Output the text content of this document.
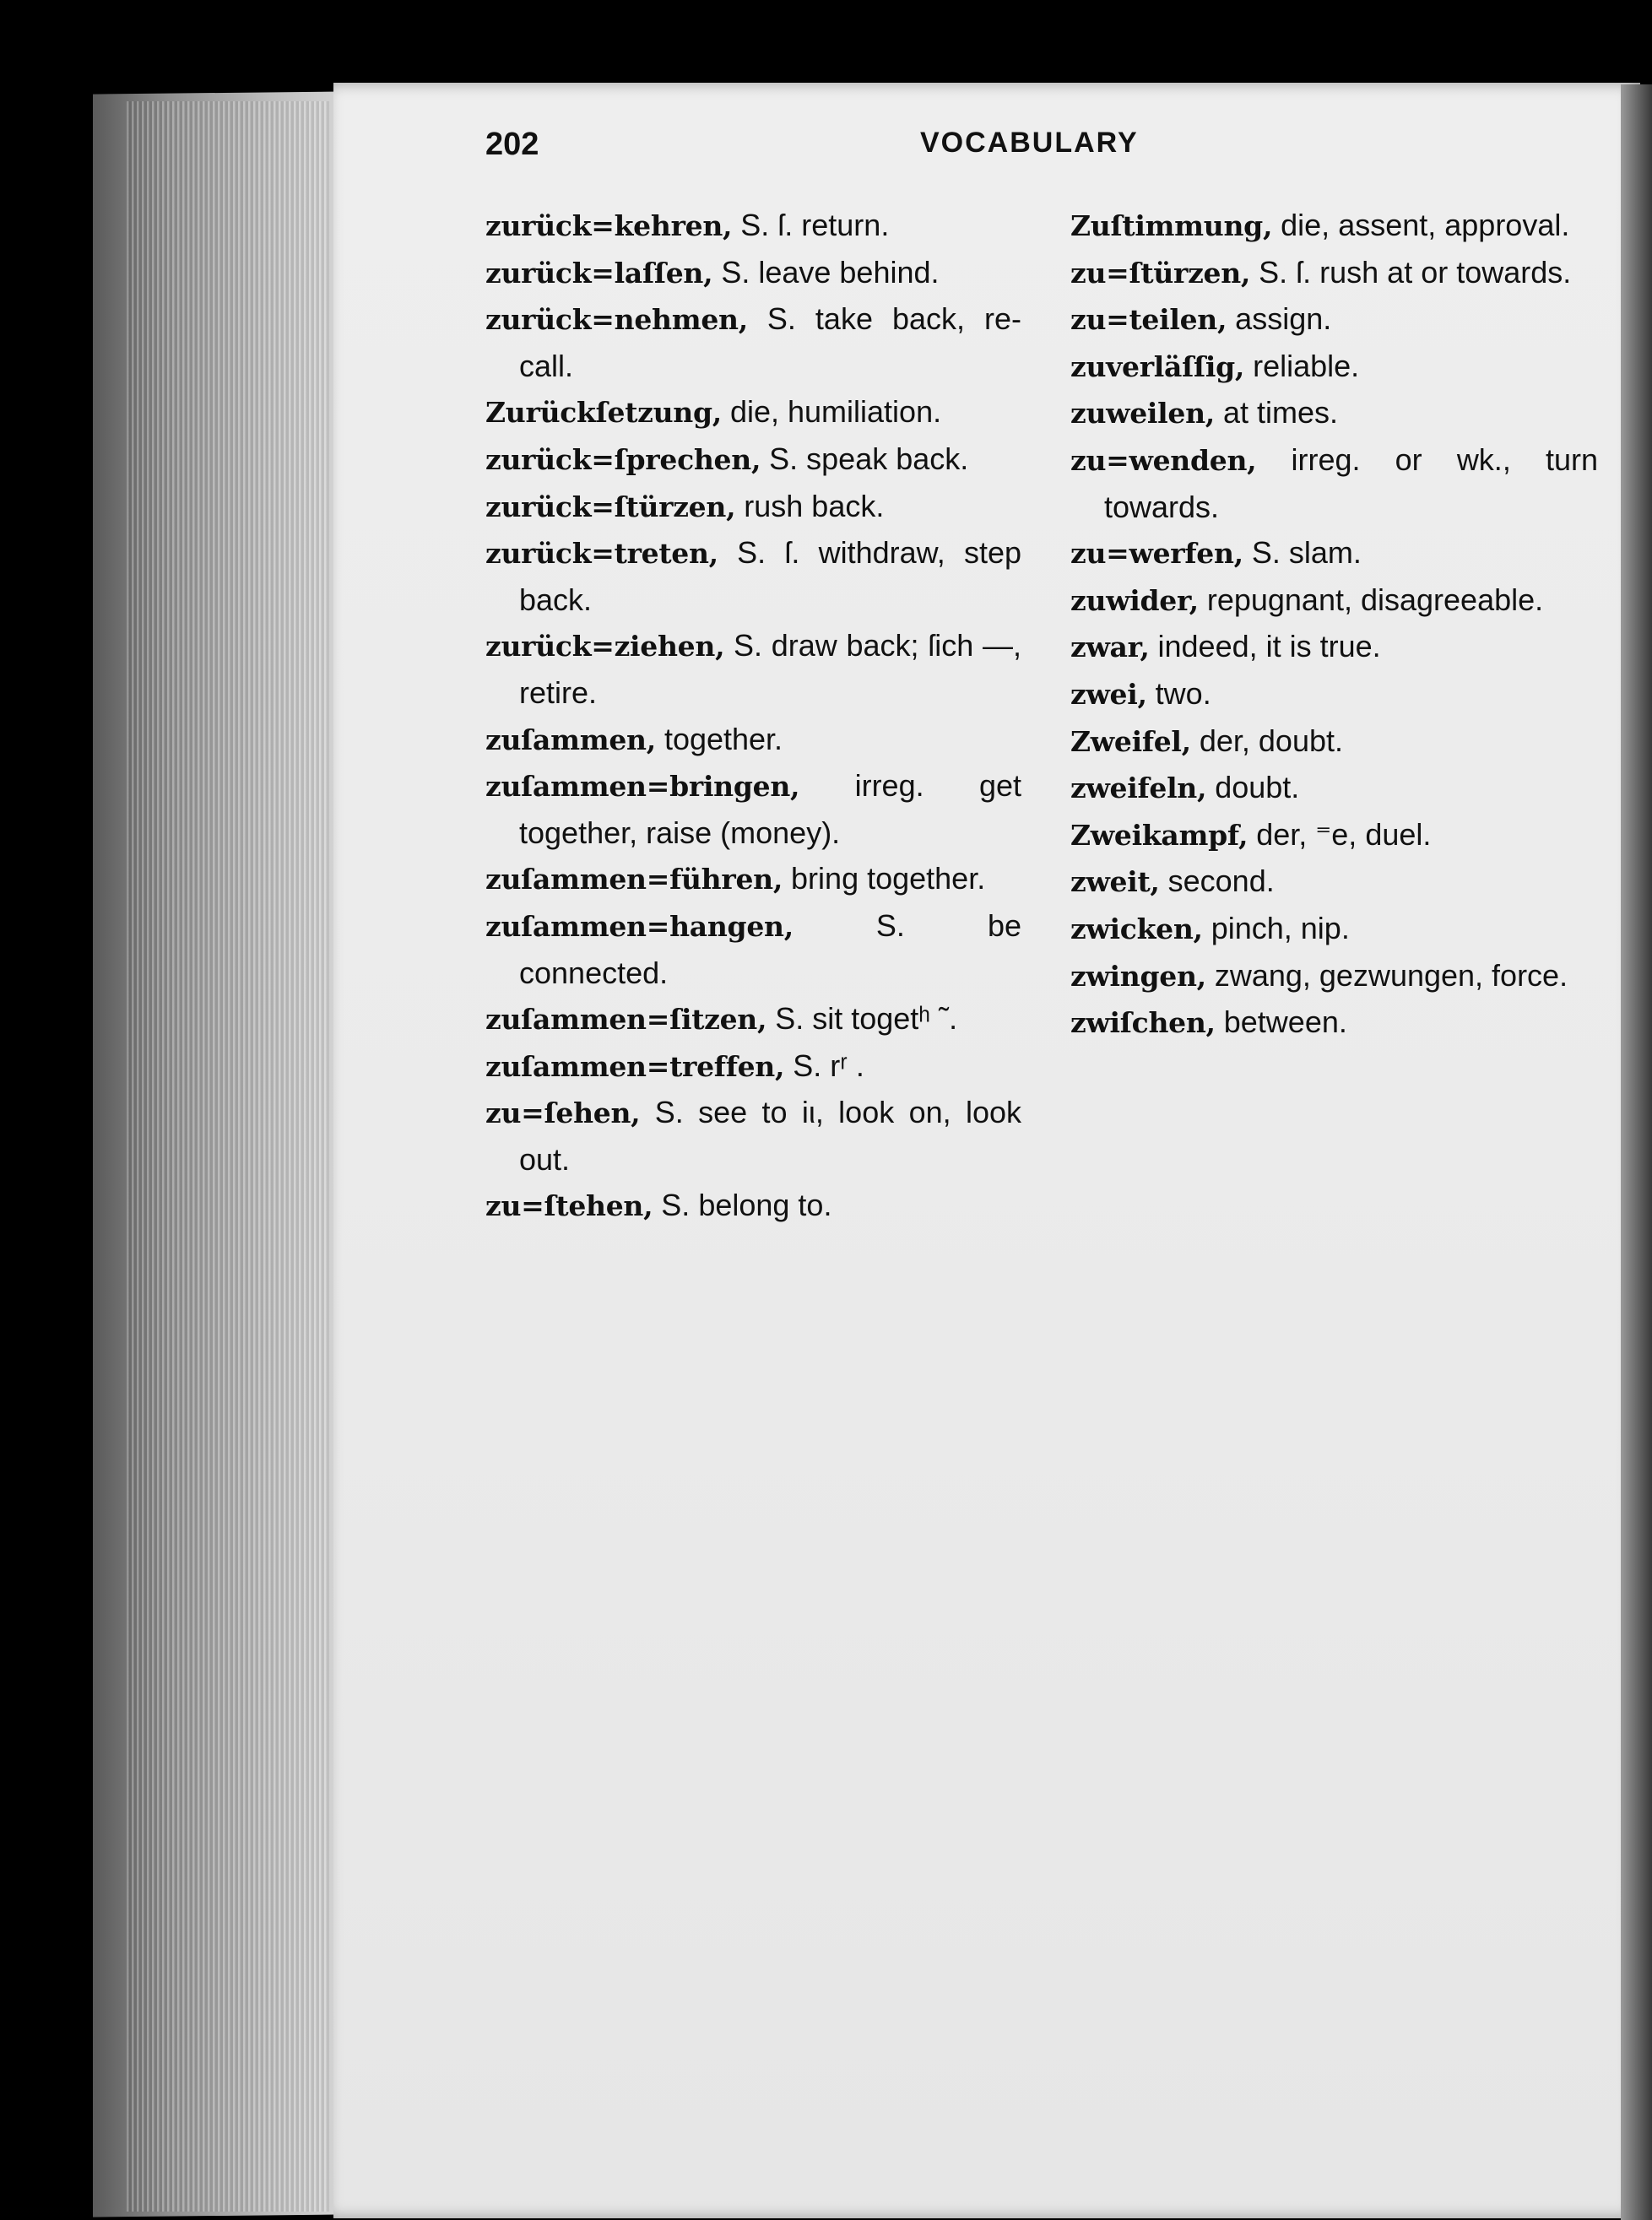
202	VOCABULARY

zurück=kehren, S. ſ. return.

zurück=laſſen, S. leave behind.

zurück=nehmen, S. take back, re-call.

Zurückſetzung, die, humiliation.

zurück=ſprechen, S. speak back.

zurück=ſtürzen, rush back.

zurück=treten, S. ſ. withdraw, step back.

zurück=ziehen, S. draw back; ſich —, retire.

zuſammen, together.

zuſammen=bringen, irreg. get together, raise (money).

zuſammen=führen, bring together.

zuſammen=hangen, S. be connected.

zuſammen=ſitzen, S. sit togetʰ ˜.

zuſammen=treffen, S. rʳ .

zu=ſehen, S. see to iι, look on, look out.

zu=ſtehen, S. belong to.

Zuſtimmung, die, assent, approval.

zu=ſtürzen, S. ſ. rush at or towards.

zu=teilen, assign.

zuverläſſig, reliable.

zuweilen, at times.

zu=wenden, irreg. or wk., turn towards.

zu=werfen, S. slam.

zuwider, repugnant, disagreeable.

zwar, indeed, it is true.

zwei, two.

Zweifel, der, doubt.

zweifeln, doubt.

Zweikampf, der, ⁼e, duel.

zweit, second.

zwicken, pinch, nip.

zwingen, zwang, gezwungen, force.

zwiſchen, between.
